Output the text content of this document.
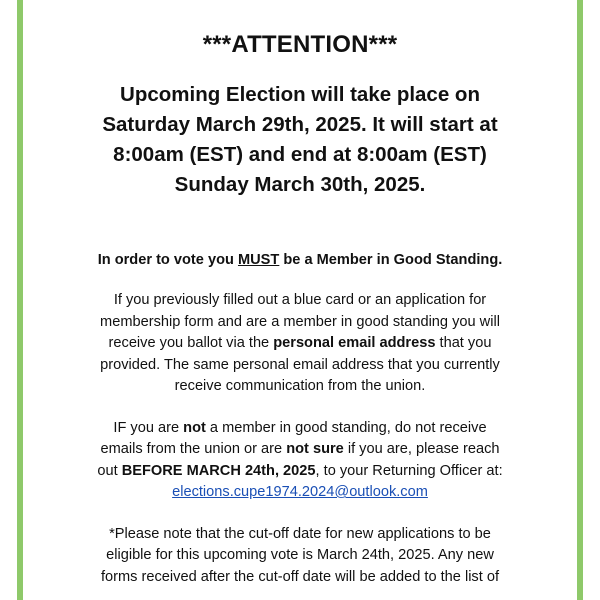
***ATTENTION***
Upcoming Election will take place on
Saturday March 29th, 2025. It will start at
8:00am (EST) and end at 8:00am (EST)
Sunday March 30th, 2025.
In order to vote you MUST be a Member in Good Standing.
If you previously filled out a blue card or an application for
membership form and are a member in good standing you will
receive you ballot via the personal email address that you
provided. The same personal email address that you currently
receive communication from the union.
IF you are not a member in good standing, do not receive
emails from the union or are not sure if you are, please reach
out BEFORE MARCH 24th, 2025, to your Returning Officer at:
elections.cupe1974.2024@outlook.com
*Please note that the cut-off date for new applications to be
eligible for this upcoming vote is March 24th, 2025. Any new
forms received after the cut-off date will be added to the list of
